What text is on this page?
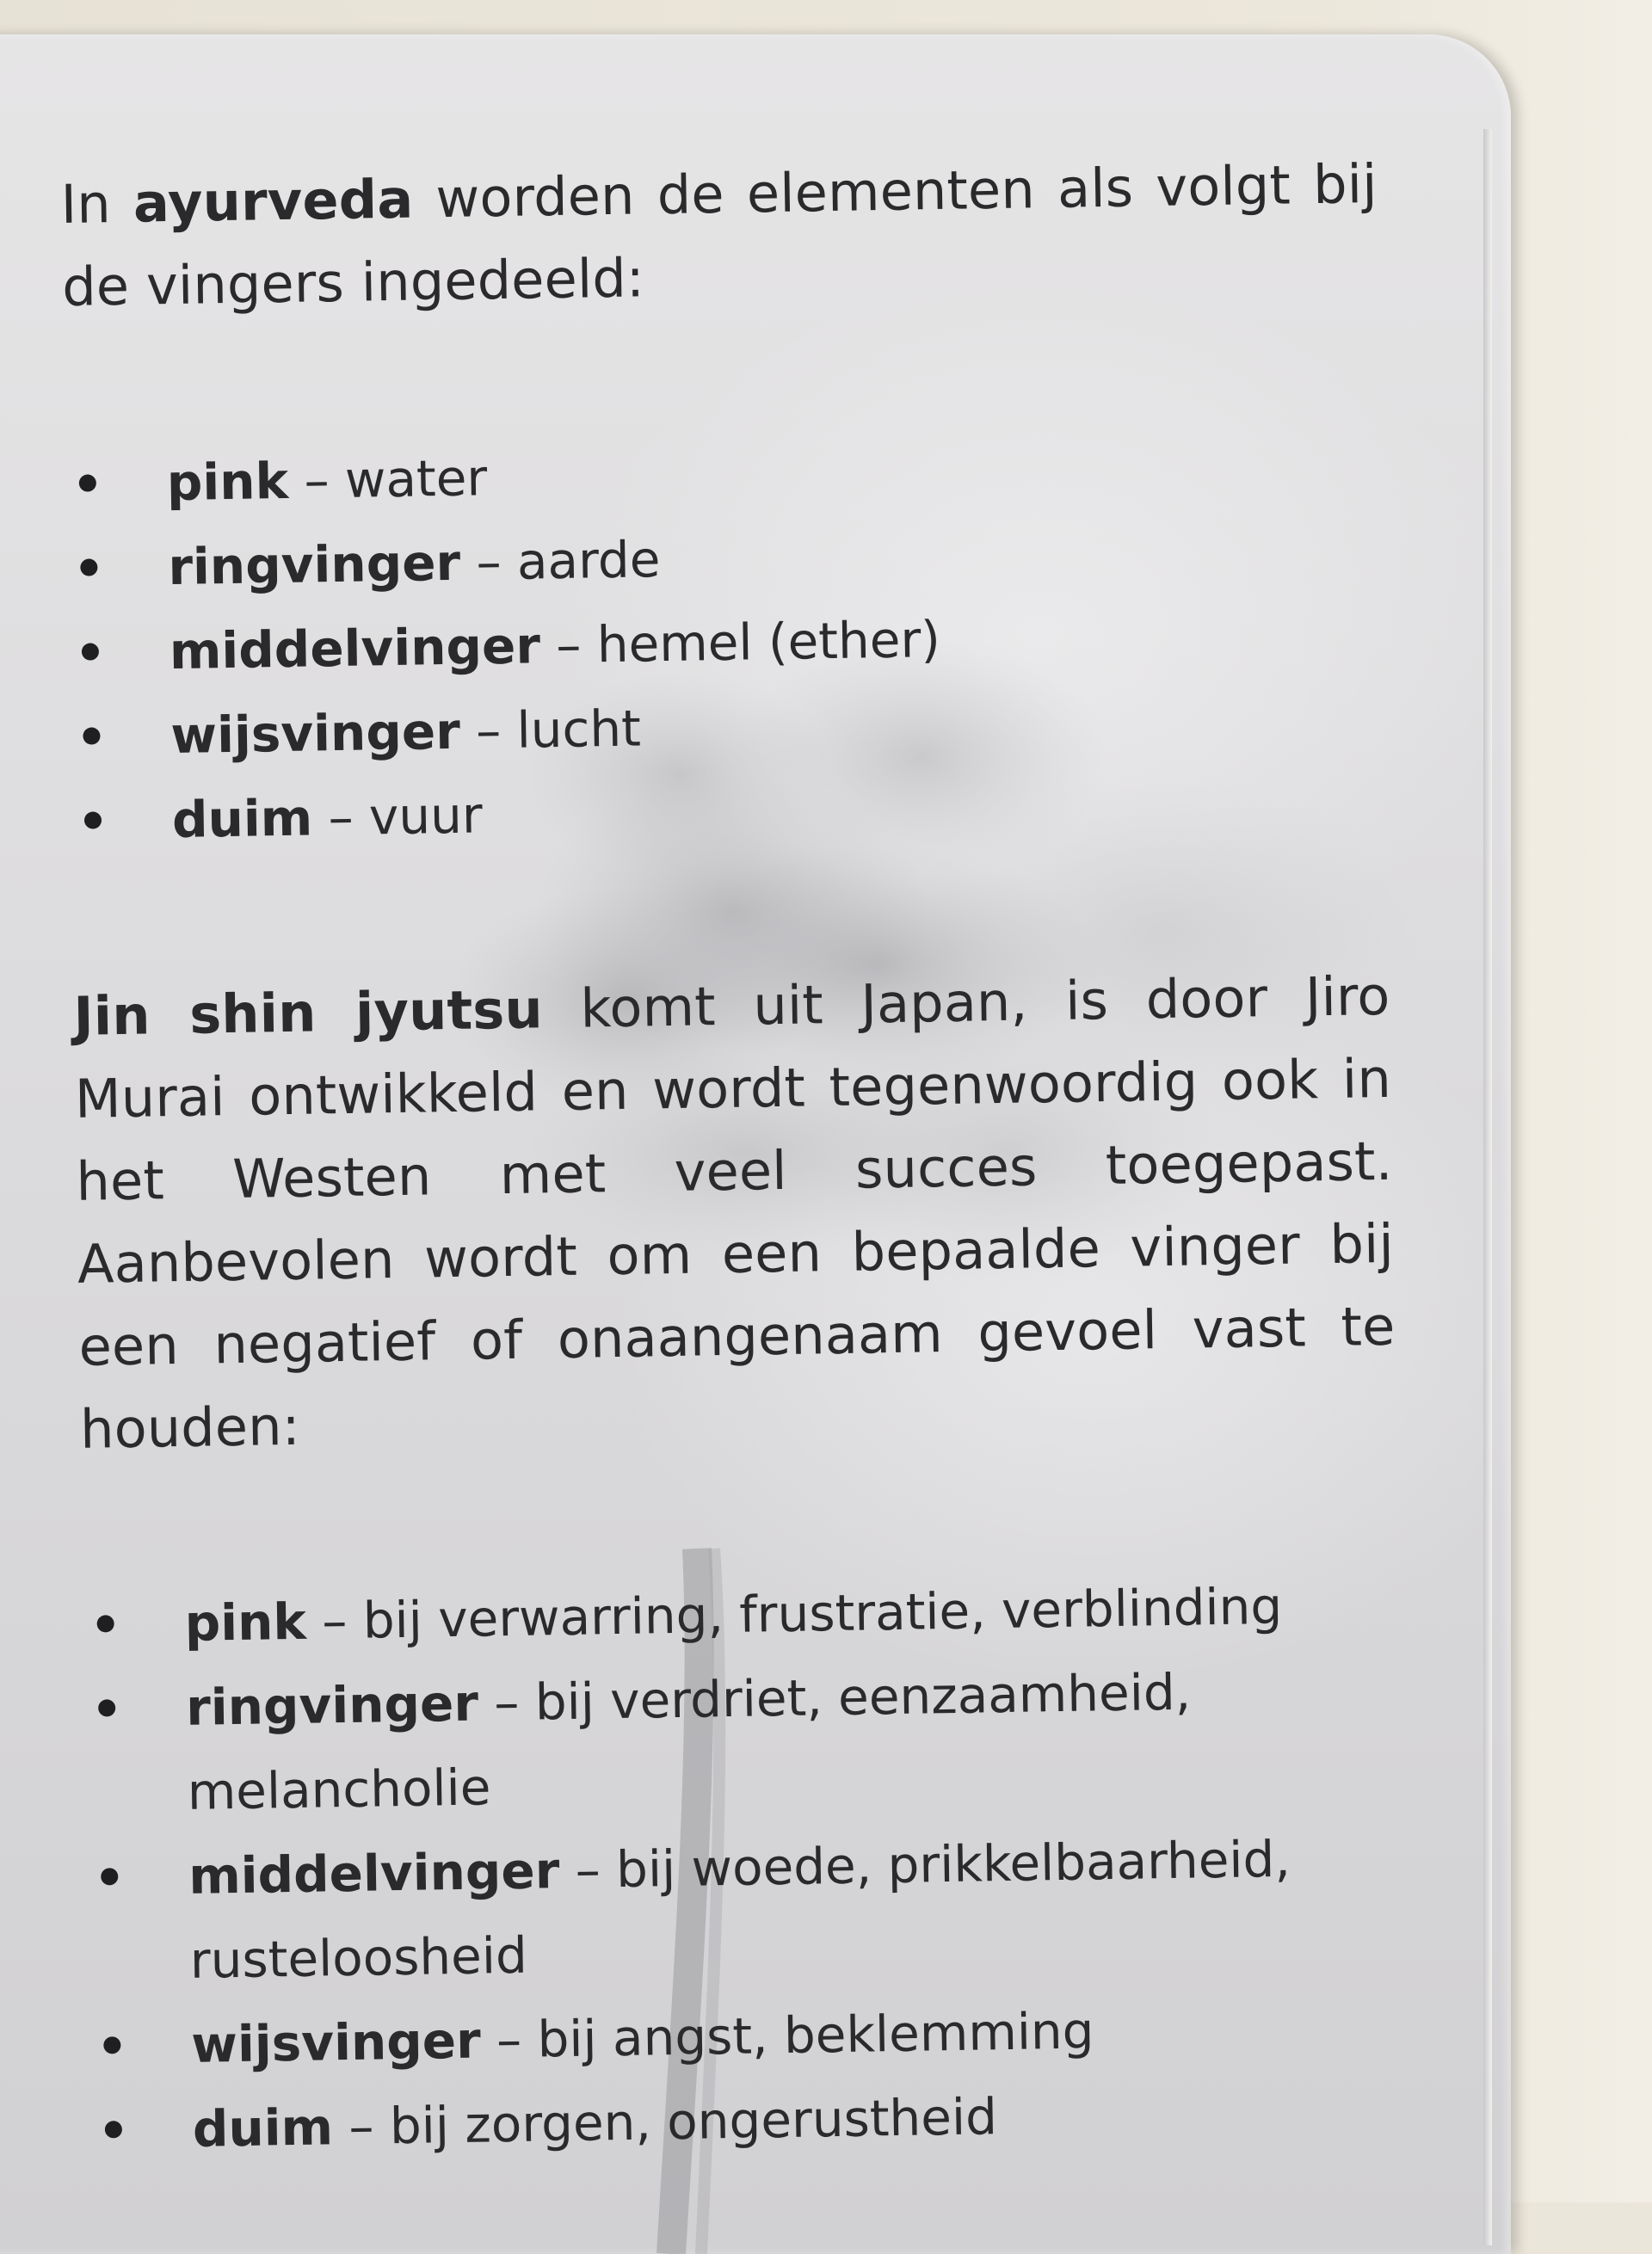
In ayurveda worden de elementen als volgt bij de vingers ingedeeld:

pink – water
ringvinger – aarde
middelvinger – hemel (ether)
wijsvinger – lucht
duim – vuur

Jin shin jyutsu komt uit Japan, is door Jiro Murai ontwikkeld en wordt tegenwoordig ook in het Westen met veel succes toegepast. Aanbevolen wordt om een bepaalde vinger bij een negatief of onaangenaam gevoel vast te houden:

pink – bij verwarring, frustratie, verblinding
ringvinger – bij verdriet, eenzaamheid, melancholie
middelvinger – bij woede, prikkelbaarheid, rusteloosheid
wijsvinger – bij angst, beklemming
duim – bij zorgen, ongerustheid
